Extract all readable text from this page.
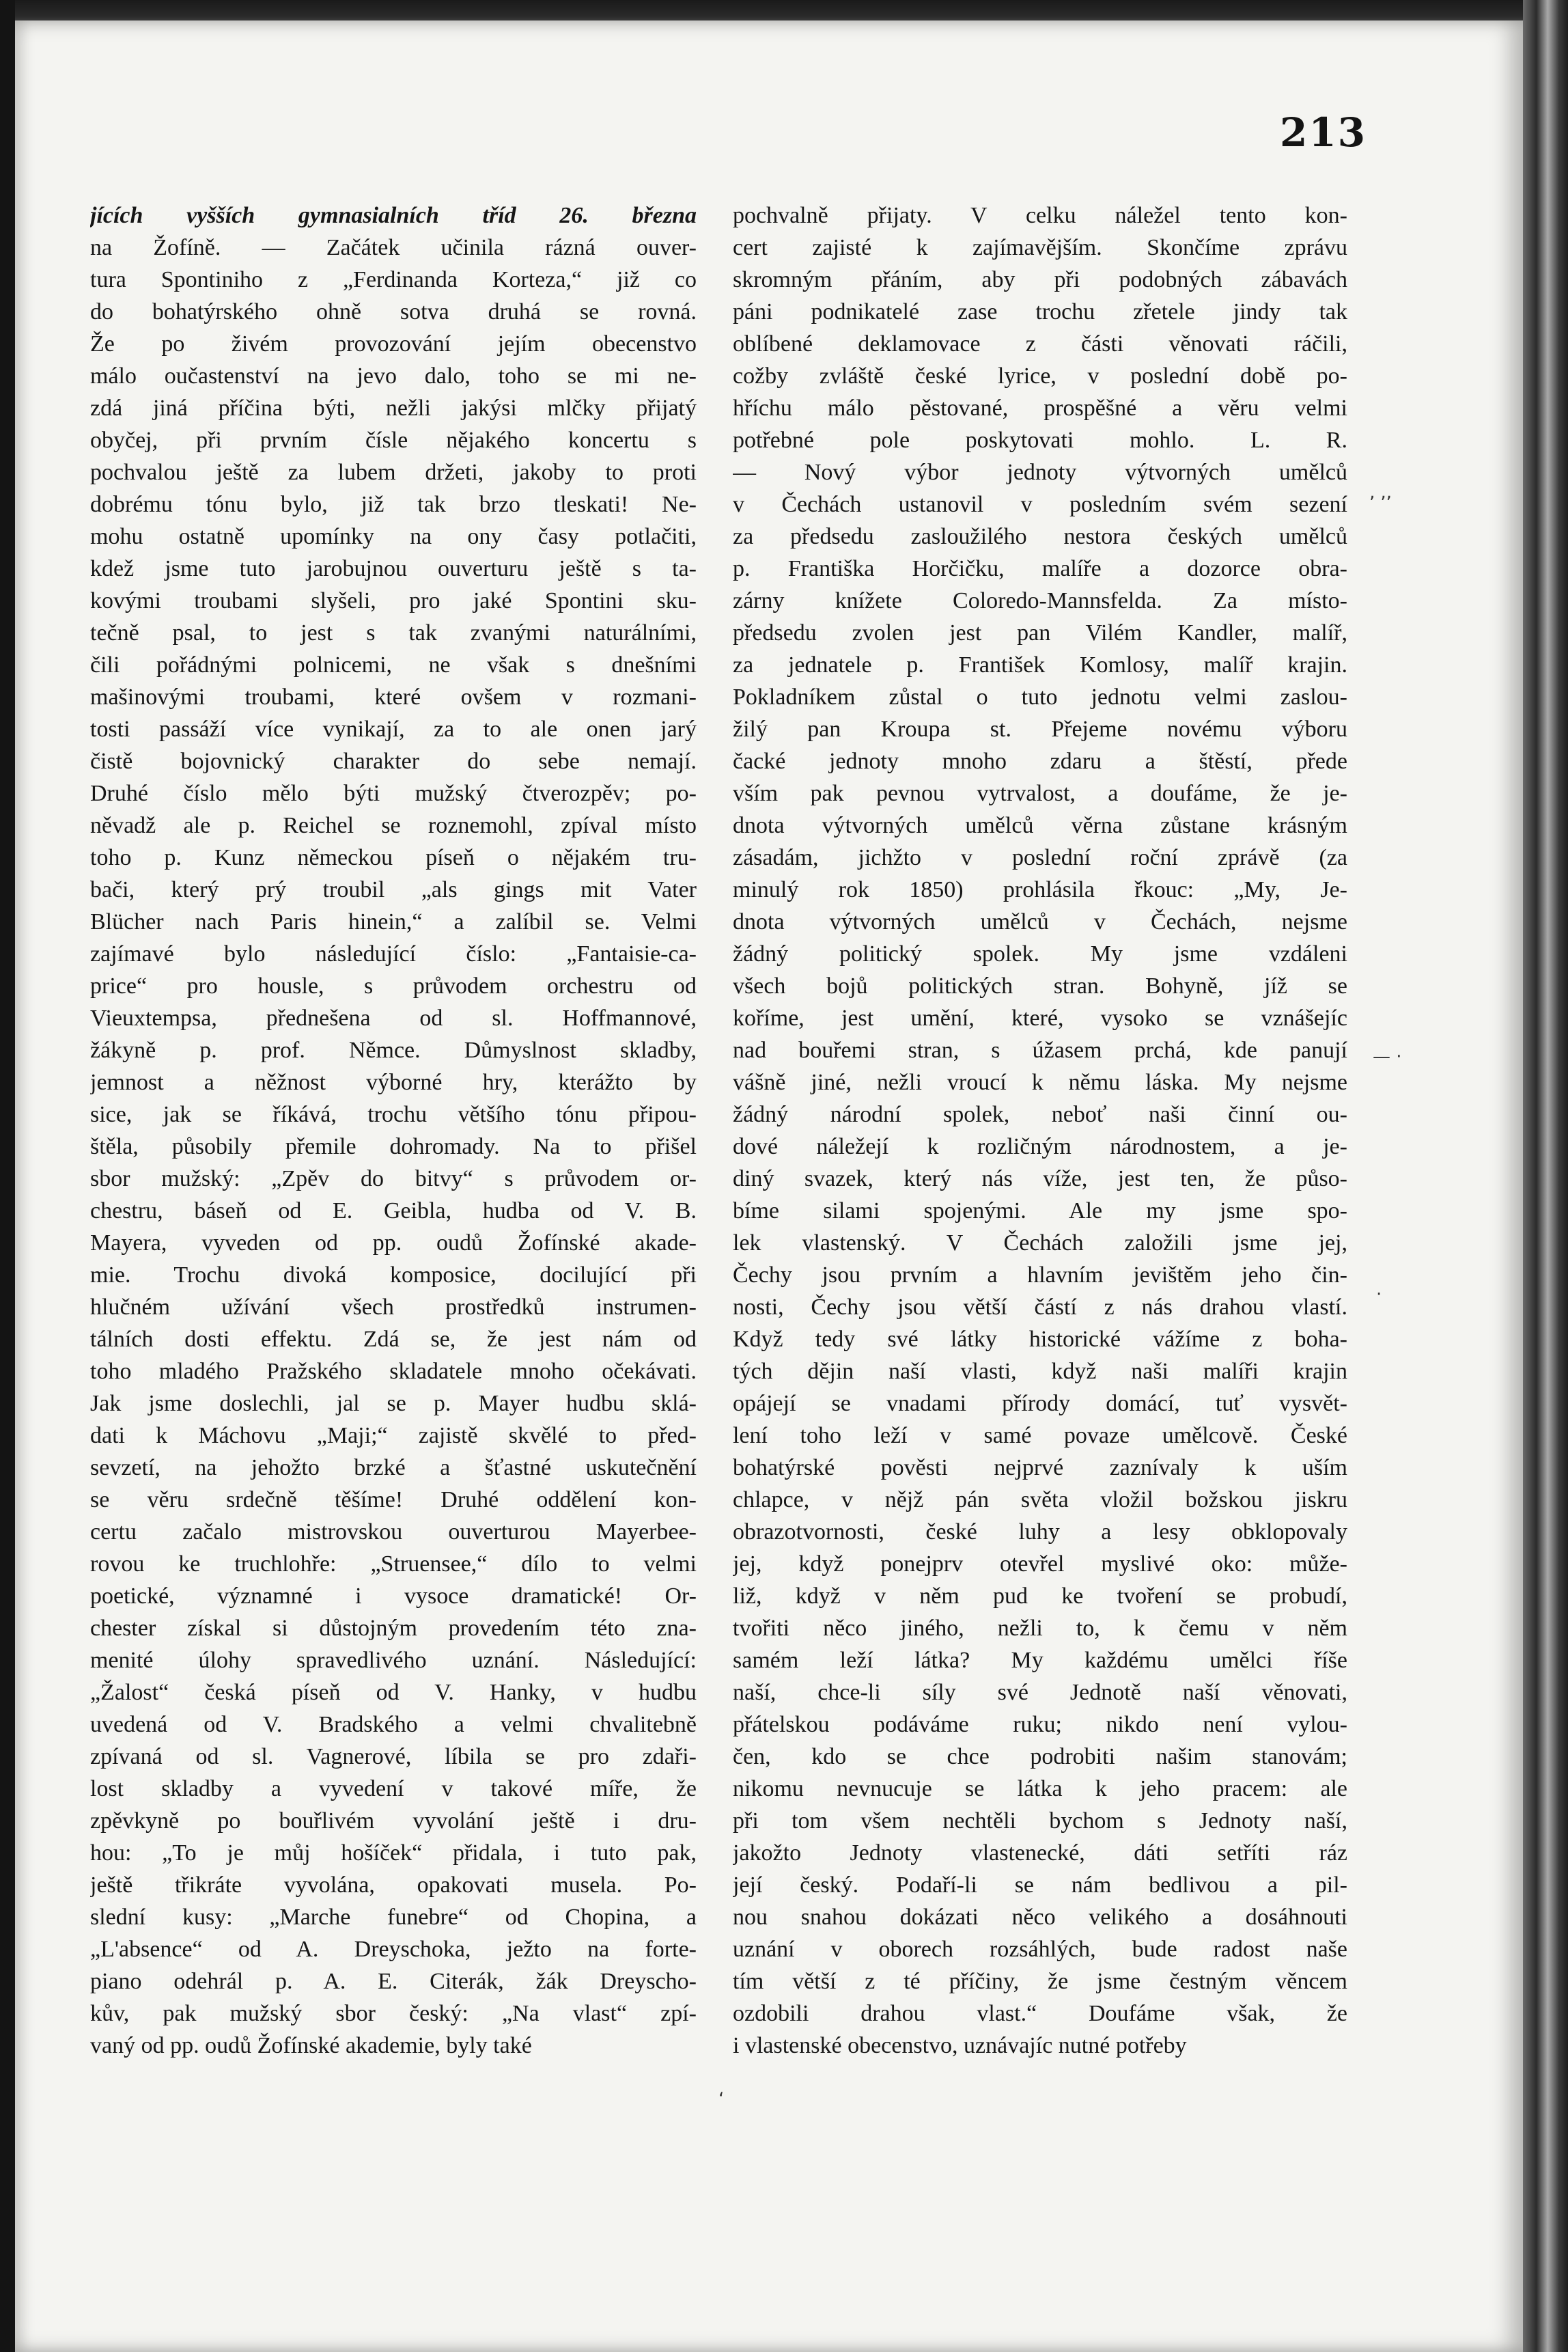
213
jících vyšších gymnasialních tříd 26. března
na Žofíně. — Začátek učinila rázná ouver-
tura Spontiniho z „Ferdinanda Korteza,“ již co
do bohatýrského ohně sotva druhá se rovná.
Že po živém provozování jejím obecenstvo
málo oučastenství na jevo dalo, toho se mi ne-
zdá jiná příčina býti, nežli jakýsi mlčky přijatý
obyčej, při prvním čísle nějakého koncertu s
pochvalou ještě za lubem držeti, jakoby to proti
dobrému tónu bylo, již tak brzo tleskati! Ne-
mohu ostatně upomínky na ony časy potlačiti,
kdež jsme tuto jarobujnou ouverturu ještě s ta-
kovými troubami slyšeli, pro jaké Spontini sku-
tečně psal, to jest s tak zvanými naturálními,
čili pořádnými polnicemi, ne však s dnešními
mašinovými troubami, které ovšem v rozmani-
tosti passáží více vynikají, za to ale onen jarý
čistě bojovnický charakter do sebe nemají.
Druhé číslo mělo býti mužský čtverozpěv; po-
něvadž ale p. Reichel se roznemohl, zpíval místo
toho p. Kunz německou píseň o nějakém tru-
bači, který prý troubil „als gings mit Vater
Blücher nach Paris hinein,“ a zalíbil se. Velmi
zajímavé bylo následující číslo: „Fantaisie-ca-
price“ pro housle, s průvodem orchestru od
Vieuxtempsa, přednešena od sl. Hoffmannové,
žákyně p. prof. Němce. Důmyslnost skladby,
jemnost a něžnost výborné hry, kterážto by
sice, jak se říkává, trochu většího tónu připou-
štěla, působily přemile dohromady. Na to přišel
sbor mužský: „Zpěv do bitvy“ s průvodem or-
chestru, báseň od E. Geibla, hudba od V. B.
Mayera, vyveden od pp. oudů Žofínské akade-
mie. Trochu divoká komposice, docilující při
hlučném užívání všech prostředků instrumen-
tálních dosti effektu. Zdá se, že jest nám od
toho mladého Pražského skladatele mnoho očekávati.
Jak jsme doslechli, jal se p. Mayer hudbu sklá-
dati k Máchovu „Maji;“ zajistě skvělé to před-
sevzetí, na jehožto brzké a šťastné uskutečnění
se věru srdečně těšíme! Druhé oddělení kon-
certu začalo mistrovskou ouverturou Mayerbee-
rovou ke truchlohře: „Struensee,“ dílo to velmi
poetické, významné i vysoce dramatické! Or-
chester získal si důstojným provedením této zna-
menité úlohy spravedlivého uznání. Následující:
„Žalost“ česká píseň od V. Hanky, v hudbu
uvedená od V. Bradského a velmi chvalitebně
zpívaná od sl. Vagnerové, líbila se pro zdaři-
lost skladby a vyvedení v takové míře, že
zpěvkyně po bouřlivém vyvolání ještě i dru-
hou: „To je můj hošíček“ přidala, i tuto pak,
ještě třikráte vyvolána, opakovati musela. Po-
slední kusy: „Marche funebre“ od Chopina, a
„L'absence“ od A. Dreyschoka, ježto na forte-
piano odehrál p. A. E. Citerák, žák Dreyscho-
kův, pak mužský sbor český: „Na vlast“ zpí-
vaný od pp. oudů Žofínské akademie, byly také
pochvalně přijaty. V celku náležel tento kon-
cert zajisté k zajímavějším. Skončíme zprávu
skromným přáním, aby při podobných zábavách
páni podnikatelé zase trochu zřetele jindy tak
oblíbené deklamovace z části věnovati ráčili,
cožby zvláště české lyrice, v poslední době po-
hříchu málo pěstované, prospěšné a věru velmi
potřebné pole poskytovati mohlo. L. R.
— Nový výbor jednoty výtvorných umělců
v Čechách ustanovil v posledním svém sezení
za předsedu zasloužilého nestora českých umělců
p. Františka Horčičku, malíře a dozorce obra-
zárny knížete Coloredo-Mannsfelda. Za místo-
předsedu zvolen jest pan Vilém Kandler, malíř,
za jednatele p. František Komlosy, malíř krajin.
Pokladníkem zůstal o tuto jednotu velmi zaslou-
žilý pan Kroupa st. Přejeme novému výboru
čacké jednoty mnoho zdaru a štěstí, přede
vším pak pevnou vytrvalost, a doufáme, že je-
dnota výtvorných umělců věrna zůstane krásným
zásadám, jichžto v poslední roční zprávě (za
minulý rok 1850) prohlásila řkouc: „My, Je-
dnota výtvorných umělců v Čechách, nejsme
žádný politický spolek. My jsme vzdáleni
všech bojů politických stran. Bohyně, jíž se
koříme, jest umění, které, vysoko se vznášejíc
nad bouřemi stran, s úžasem prchá, kde panují
vášně jiné, nežli vroucí k němu láska. My nejsme
žádný národní spolek, neboť naši činní ou-
dové náležejí k rozličným národnostem, a je-
diný svazek, který nás víže, jest ten, že půso-
bíme silami spojenými. Ale my jsme spo-
lek vlastenský. V Čechách založili jsme jej,
Čechy jsou prvním a hlavním jevištěm jeho čin-
nosti, Čechy jsou větší částí z nás drahou vlastí.
Když tedy své látky historické vážíme z boha-
tých dějin naší vlasti, když naši malíři krajin
opájejí se vnadami přírody domácí, tuť vysvět-
lení toho leží v samé povaze umělcově. České
bohatýrské pověsti nejprvé zaznívaly k uším
chlapce, v nějž pán světa vložil božskou jiskru
obrazotvornosti, české luhy a lesy obklopovaly
jej, když ponejprv otevřel myslivé oko: může-
liž, když v něm pud ke tvoření se probudí,
tvořiti něco jiného, nežli to, k čemu v něm
samém leží látka? My každému umělci říše
naší, chce-li síly své Jednotě naší věnovati,
přátelskou podáváme ruku; nikdo není vylou-
čen, kdo se chce podrobiti našim stanovám;
nikomu nevnucuje se látka k jeho pracem: ale
při tom všem nechtěli bychom s Jednoty naší,
jakožto Jednoty vlastenecké, dáti setříti ráz
její český. Podaří-li se nám bedlivou a pil-
nou snahou dokázati něco velikého a dosáhnouti
uznání v oborech rozsáhlých, bude radost naše
tím větší z té příčiny, že jsme čestným věncem
ozdobili drahou vlast.“ Doufáme však, že
i vlastenské obecenstvo, uznávajíc nutné potřeby
‚ ,,
— ·
·
ʻ
